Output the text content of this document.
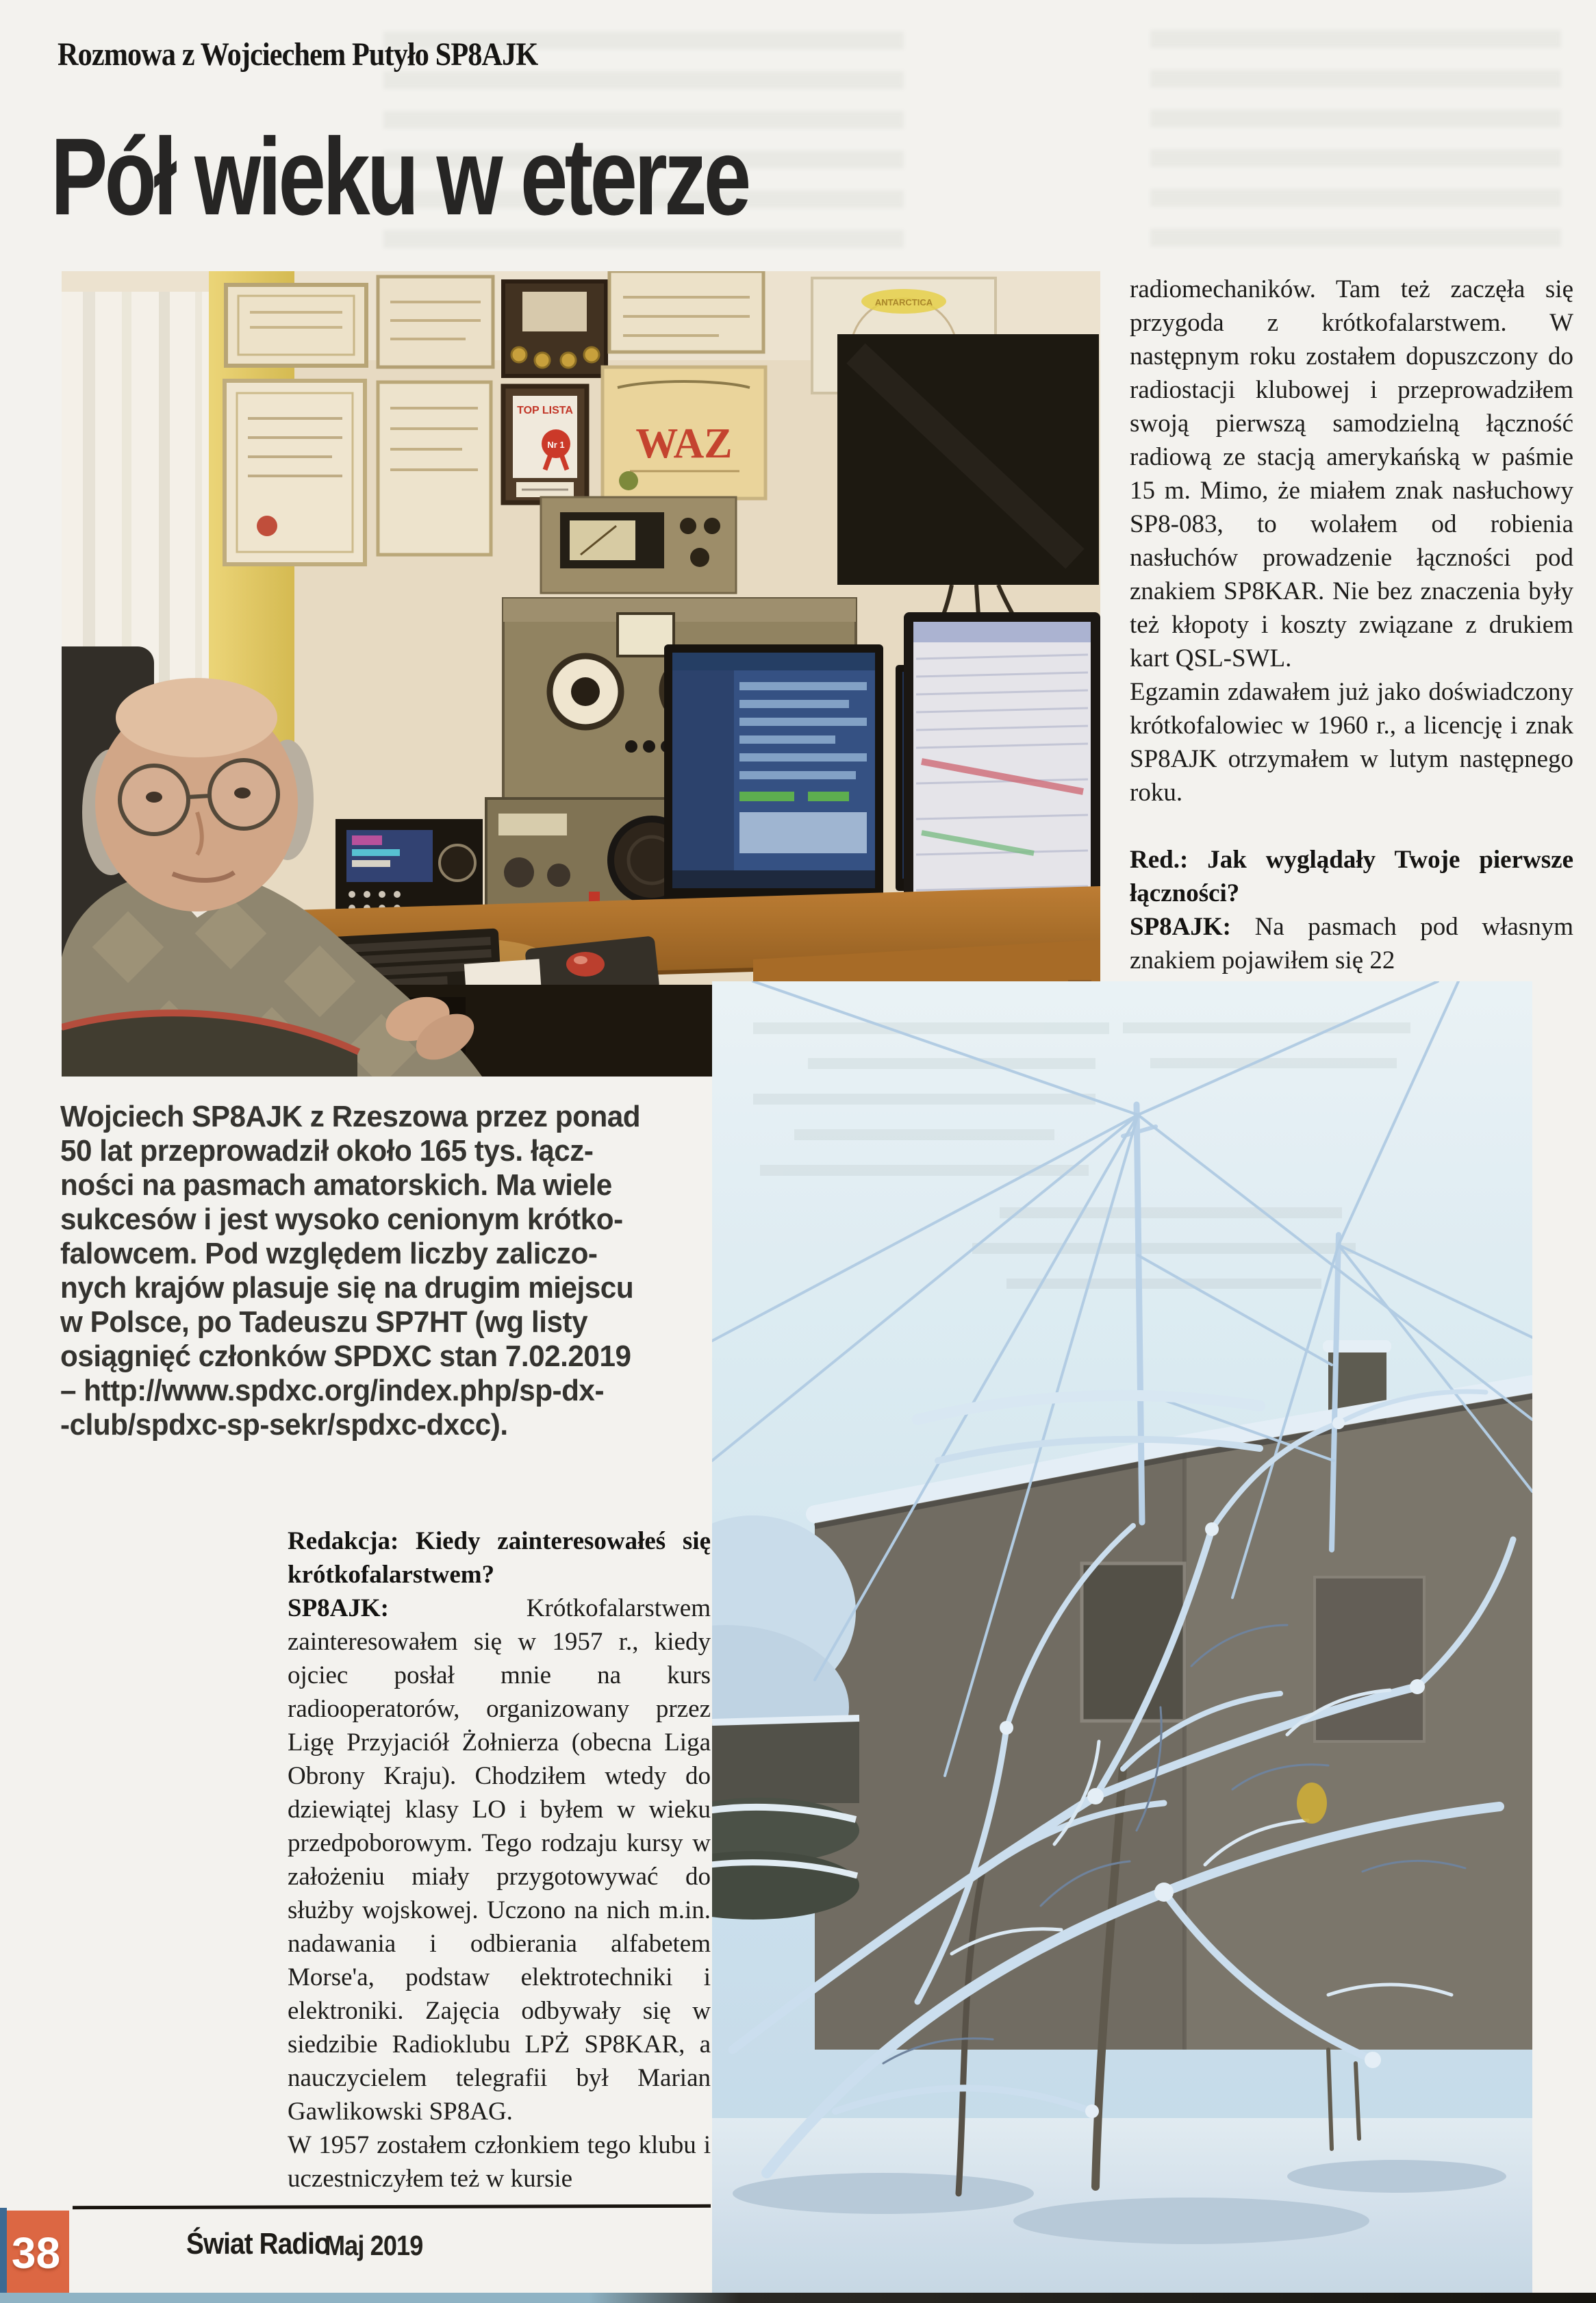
Rozmowa z Wojciechem Putyło SP8AJK
Pół wieku w eterze
TOP LISTA
Nr 1 WAZ
ANTARCTICA
Wojciech SP8AJK z Rzeszowa przez ponad
50 lat przeprowadził około 165 tys. łącz-
ności na pasmach amatorskich. Ma wiele
sukcesów i jest wysoko cenionym krótko-
falowcem. Pod względem liczby zaliczo-
nych krajów plasuje się na drugim miejscu
w Polsce, po Tadeuszu SP7HT (wg listy
osiągnięć członków SPDXC stan 7.02.2019
– http://www.spdxc.org/index.php/sp-dx-
-club/spdxc-sp-sekr/spdxc-dxcc).

Redakcja: Kiedy zainteresowałeś się krótkofalarstwem?

SP8AJK: Krótkofalarstwem zainteresowałem się w 1957 r., kiedy ojciec posłał mnie na kurs radiooperatorów, organizowany przez Ligę Przyjaciół Żołnierza (obecna Liga Obrony Kraju). Chodziłem wtedy do dziewiątej klasy LO i byłem w wieku przedpoborowym. Tego rodzaju kursy w założeniu miały przygotowywać do służby wojskowej. Uczono na nich m.in. nadawania i odbierania alfabetem Morse'a, podstaw elektrotechniki i elektroniki. Zajęcia odbywały się w siedzibie Radioklubu LPŻ SP8KAR, a nauczycielem telegrafii był Marian Gawlikowski SP8AG.

W 1957 zostałem członkiem tego klubu i uczestniczyłem też w kursie

radiomechaników. Tam też zaczęła się przygoda z krótkofalarstwem. W następnym roku zostałem dopuszczony do radiostacji klubowej i przeprowadziłem swoją pierwszą samodzielną łączność radiową ze stacją amerykańską w paśmie 15 m. Mimo, że miałem znak nasłuchowy SP8-083, to wolałem od robienia nasłuchów prowadzenie łączności pod znakiem SP8KAR. Nie bez znaczenia były też kłopoty i koszty związane z drukiem kart QSL-SWL.

Egzamin zdawałem już jako doświadczony krótkofalowiec w 1960 r., a licencję i znak SP8AJK otrzymałem w lutym następnego roku.

Red.: Jak wyglądały Twoje pierwsze łączności?

SP8AJK: Na pasmach pod własnym znakiem pojawiłem się 22

38	Świat Radio
Maj 2019
